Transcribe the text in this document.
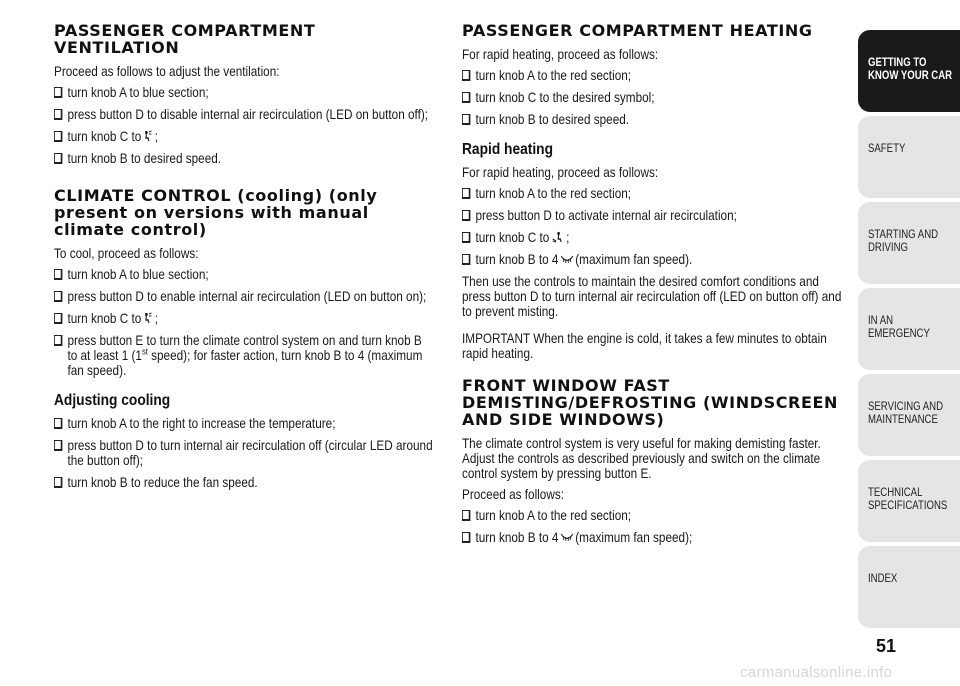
PASSENGER COMPARTMENT VENTILATION

Proceed as follows to adjust the ventilation:

turn knob A to blue section;
press button D to disable internal air recirculation (LED on button off);
turn knob C to ;
turn knob B to desired speed.
CLIMATE CONTROL (cooling) (only present on versions with manual climate control)

To cool, proceed as follows:

turn knob A to blue section;
press button D to enable internal air recirculation (LED on button on);
turn knob C to ;
press button E to turn the climate control system on and turn knob B to at least 1 (1st speed); for faster action, turn knob B to 4 (maximum fan speed).
Adjusting cooling
turn knob A to the right to increase the temperature;
press button D to turn internal air recirculation off (circular LED around the button off);
turn knob B to reduce the fan speed.
PASSENGER COMPARTMENT HEATING

For rapid heating, proceed as follows:

turn knob A to the red section;
turn knob C to the desired symbol;
turn knob B to desired speed.
Rapid heating

For rapid heating, proceed as follows:

turn knob A to the red section;
press button D to activate internal air recirculation;
turn knob C to ;
turn knob B to 4 (maximum fan speed).

Then use the controls to maintain the desired comfort conditions and press button D to turn internal air recirculation off (LED on button off) and to prevent misting.

IMPORTANT When the engine is cold, it takes a few minutes to obtain rapid heating.

FRONT WINDOW FAST DEMISTING/DEFROSTING (WINDSCREEN AND SIDE WINDOWS)

The climate control system is very useful for making demisting faster. Adjust the controls as described previously and switch on the climate control system by pressing button E.

Proceed as follows:

turn knob A to the red section;
turn knob B to 4 (maximum fan speed);
GETTING TO
KNOW YOUR CAR
SAFETY
STARTING AND
DRIVING
IN AN EMERGENCY
SERVICING AND
MAINTENANCE
TECHNICAL
SPECIFICATIONS
INDEX
51
carmanualsonline.info
